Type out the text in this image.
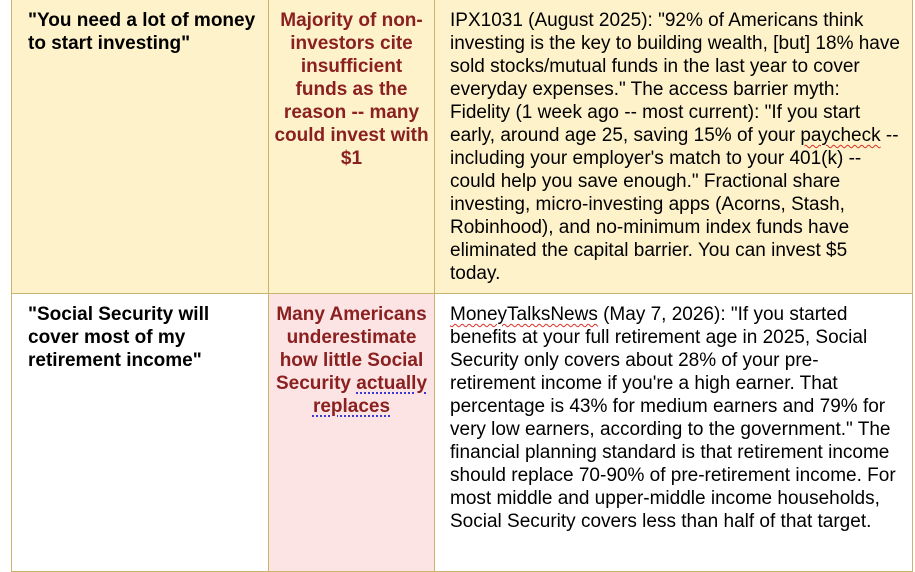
"You need a lot of money to start investing"	Majority of non-investors cite insufficient funds as the reason -- many could invest with $1	IPX1031 (August 2025): "92% of Americans think investing is the key to building wealth, [but] 18% have sold stocks/mutual funds in the last year to cover everyday expenses." The access barrier myth: Fidelity (1 week ago -- most current): "If you start early, around age 25, saving 15% of your paycheck -- including your employer's match to your 401(k) -- could help you save enough." Fractional share investing, micro-investing apps (Acorns, Stash, Robinhood), and no-minimum index funds have eliminated the capital barrier. You can invest $5 today.

"Social Security will cover most of my retirement income"	Many Americans underestimate how little Social Security actually replaces	MoneyTalksNews (May 7, 2026): "If you started benefits at your full retirement age in 2025, Social Security only covers about 28% of your pre-retirement income if you're a high earner. That percentage is 43% for medium earners and 79% for very low earners, according to the government." The financial planning standard is that retirement income should replace 70-90% of pre-retirement income. For most middle and upper-middle income households, Social Security covers less than half of that target.
